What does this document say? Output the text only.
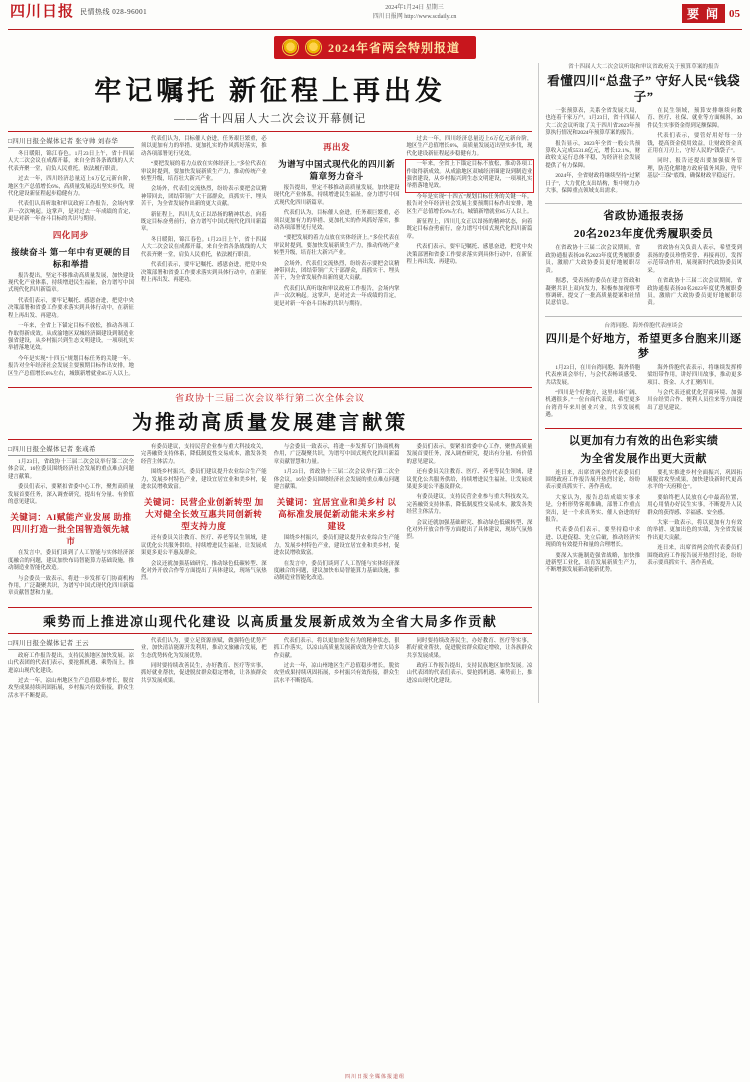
四川日报 民情热线 028-96001	2024年1月24日 星期三
四川日报网 http://www.scdaily.cn	要 闻 05
2024年省两会特别报道
牢记嘱托 新征程上再出发
——省十四届人大二次会议开幕侧记
□四川日报全媒体记者 张守帅 刘春华

冬日暖阳，锦江春色。1月23日上午，省十四届人大二次会议在成都开幕，来自全省各条战线的人大代表齐聚一堂，肩负人民重托，依法履行职责。

过去一年，四川经济总量迈上6万亿元新台阶，地区生产总值增长6%，高质量发展迈出坚实步伐，现代化建设新征程起步稳健有力。

代表们认真听取和审议政府工作报告，会场内掌声一次次响起。这掌声，是对过去一年成绩的肯定，更是对新一年奋斗目标的共识与期待。

四化同步
接续奋斗 第一年中有更硬的目标和举措

报告提出，坚定不移推动高质量发展，加快建设现代化产业体系，持续增进民生福祉，奋力谱写中国式现代化四川新篇章。

代表们表示，要牢记嘱托、感恩奋进，把党中央决策部署和省委工作要求落实到具体行动中，在新征程上再出发、再建功。

一年来，全省上下锚定目标不放松，推动各项工作取得新成效。从成渝地区双城经济圈建设到制造业强省建设，从乡村振兴到生态文明建设，一项项扎实举措落地见效。

今年是实现“十四五”规划目标任务的关键一年。报告对全年经济社会发展主要预期目标作出安排，地区生产总值增长6%左右，城镇新增就业85万人以上。

代表们认为，目标催人奋进，任务艰巨繁重，必须以更加有力的举措、更加扎实的作风抓好落实，推动各项部署见行见效。

“要把发展的着力点放在实体经济上。”多位代表在审议时提到，要加快发展新质生产力，推动传统产业转型升级，培育壮大新兴产业。

会场外，代表们交流热烈，纷纷表示要把会议精神带回去，团结带领广大干部群众，真抓实干、埋头苦干，为全省发展作出新的更大贡献。

新征程上，四川儿女正以昂扬的精神状态，向着既定目标奋勇前行，奋力谱写中国式现代化四川新篇章。

冬日暖阳，锦江春色。1月23日上午，省十四届人大二次会议在成都开幕，来自全省各条战线的人大代表齐聚一堂，肩负人民重托，依法履行职责。

代表们表示，要牢记嘱托、感恩奋进，把党中央决策部署和省委工作要求落实到具体行动中，在新征程上再出发、再建功。

再出发
为谱写中国式现代化的四川新篇章努力奋斗

报告提出，坚定不移推动高质量发展，加快建设现代化产业体系，持续增进民生福祉，奋力谱写中国式现代化四川新篇章。

代表们认为，目标催人奋进，任务艰巨繁重，必须以更加有力的举措、更加扎实的作风抓好落实，推动各项部署见行见效。

“要把发展的着力点放在实体经济上。”多位代表在审议时提到，要加快发展新质生产力，推动传统产业转型升级，培育壮大新兴产业。

会场外，代表们交流热烈，纷纷表示要把会议精神带回去，团结带领广大干部群众，真抓实干、埋头苦干，为全省发展作出新的更大贡献。

代表们认真听取和审议政府工作报告，会场内掌声一次次响起。这掌声，是对过去一年成绩的肯定，更是对新一年奋斗目标的共识与期待。

过去一年，四川经济总量迈上6万亿元新台阶，地区生产总值增长6%，高质量发展迈出坚实步伐，现代化建设新征程起步稳健有力。

一年来，全省上下锚定目标不放松，推动各项工作取得新成效。从成渝地区双城经济圈建设到制造业强省建设，从乡村振兴到生态文明建设，一项项扎实举措落地见效。

今年是实现“十四五”规划目标任务的关键一年。报告对全年经济社会发展主要预期目标作出安排，地区生产总值增长6%左右，城镇新增就业85万人以上。

新征程上，四川儿女正以昂扬的精神状态，向着既定目标奋勇前行，奋力谱写中国式现代化四川新篇章。

代表们表示，要牢记嘱托、感恩奋进，把党中央决策部署和省委工作要求落实到具体行动中，在新征程上再出发、再建功。

省政协十三届二次会议举行第二次全体会议
为推动高质量发展建言献策
□四川日报全媒体记者 张彧希

1月23日，省政协十三届二次会议举行第二次全体会议，16位委员围绕经济社会发展的重点难点问题建言献策。

委员们表示，要紧扣省委中心工作，聚焦高质量发展首要任务，深入调查研究，提出有分量、有价值的意见建议。

关键词：AI赋能产业发展 助推四川打造一批全国智造领先城市

在发言中，委员们谈到了人工智能与实体经济深度融合的问题，建议加快布局智能算力基础设施，推动制造业智能化改造。

与会委员一致表示，将进一步发挥专门协商机构作用，广泛凝聚共识，为谱写中国式现代化四川新篇章贡献智慧和力量。

有委员建议，支持民营企业参与重大科技攻关，完善融资支持体系，降低制度性交易成本，激发各类经营主体活力。

围绕乡村振兴，委员们建议提升农业综合生产能力，发展乡村特色产业，建设宜居宜业和美乡村，促进农民增收致富。

关键词：民营企业创新转型 加大对健全长效互惠共同创新转型支持力度

还有委员关注教育、医疗、养老等民生领域，建议优化公共服务供给，持续增进民生福祉，让发展成果更多更公平惠及群众。

会议还就加强基础研究、推动绿色低碳转型、深化对外开放合作等方面提出了具体建议，现场气氛热烈。

与会委员一致表示，将进一步发挥专门协商机构作用，广泛凝聚共识，为谱写中国式现代化四川新篇章贡献智慧和力量。

1月23日，省政协十三届二次会议举行第二次全体会议，16位委员围绕经济社会发展的重点难点问题建言献策。

关键词：宜居宜业和美乡村 以高标准发展促新动能未来乡村建设

围绕乡村振兴，委员们建议提升农业综合生产能力，发展乡村特色产业，建设宜居宜业和美乡村，促进农民增收致富。

在发言中，委员们谈到了人工智能与实体经济深度融合的问题，建议加快布局智能算力基础设施，推动制造业智能化改造。

委员们表示，要紧扣省委中心工作，聚焦高质量发展首要任务，深入调查研究，提出有分量、有价值的意见建议。

还有委员关注教育、医疗、养老等民生领域，建议优化公共服务供给，持续增进民生福祉，让发展成果更多更公平惠及群众。

有委员建议，支持民营企业参与重大科技攻关，完善融资支持体系，降低制度性交易成本，激发各类经营主体活力。

会议还就加强基础研究、推动绿色低碳转型、深化对外开放合作等方面提出了具体建议，现场气氛热烈。

乘势而上推进凉山现代化建设 以高质量发展新成效为全省大局多作贡献
□四川日报全媒体记者 王云

政府工作报告提出，支持民族地区加快发展。凉山代表团的代表们表示，要抢抓机遇、乘势而上，推进凉山现代化建设。

过去一年，凉山州地区生产总值稳步增长，脱贫攻坚成果持续巩固拓展，乡村振兴有效衔接，群众生活水平不断提高。

代表们认为，要立足资源禀赋，做强特色优势产业，加快清洁能源开发利用，推动文旅融合发展，把生态优势转化为发展优势。

同时要持续改善民生，办好教育、医疗等实事，抓好就业帮扶，促进脱贫群众稳定增收，让各族群众共享发展成果。

代表们表示，将以更加奋发有为的精神状态，狠抓工作落实，以凉山高质量发展新成效为全省大局多作贡献。

过去一年，凉山州地区生产总值稳步增长，脱贫攻坚成果持续巩固拓展，乡村振兴有效衔接，群众生活水平不断提高。

同时要持续改善民生，办好教育、医疗等实事，抓好就业帮扶，促进脱贫群众稳定增收，让各族群众共享发展成果。

政府工作报告提出，支持民族地区加快发展。凉山代表团的代表们表示，要抢抓机遇、乘势而上，推进凉山现代化建设。

省十四届人大二次会议听取和审议省政府关于预算草案的报告
看懂四川“总盘子” 守好人民“钱袋子”

一张预算表，关系全省发展大局，也连着千家万户。1月23日，省十四届人大二次会议听取了关于四川省2023年预算执行情况和2024年预算草案的报告。

报告显示，2023年全省一般公共预算收入完成5531.8亿元，增长12.1%，财政收支运行总体平稳，为经济社会发展提供了有力保障。

2024年，全省财政将继续坚持“过紧日子”，大力优化支出结构，集中财力办大事，保障重点领域支出需求。

在民生领域，预算安排继续向教育、医疗、社保、就业等方面倾斜，30件民生实事资金得到足额保障。

代表们表示，要管好用好每一分钱，提高资金使用效益，让财政资金真正用在刀刃上，守好人民的“钱袋子”。

同时，报告还提出要加强债务管理，防范化解地方政府债务风险，兜牢基层“三保”底线，确保财政平稳运行。

省政协通报表扬
20名2023年度优秀履职委员

在省政协十三届二次会议期间，省政协通报表扬20名2023年度优秀履职委员，激励广大政协委员更好地履职尽责。

据悉，受表扬的委员在建言资政和凝聚共识上双向发力，积极参加视察考察调研，提交了一批高质量提案和社情民意信息。

省政协有关负责人表示，希望受到表扬的委员珍惜荣誉、再接再厉，发挥示范带动作用，展现新时代政协委员风采。

在省政协十三届二次会议期间，省政协通报表扬20名2023年度优秀履职委员，激励广大政协委员更好地履职尽责。

台湾同胞、海外侨胞代表座谈会
四川是个好地方，希望更多台胞来川逐梦

1月23日，在川台湾同胞、海外侨胞代表座谈会举行，与会代表畅谈感受、共话发展。

“四川是个好地方，这里市场广阔、机遇很多。”一位台商代表说，希望更多台湾青年来川创业兴业，共享发展机遇。

海外侨胞代表表示，将继续发挥桥梁纽带作用，讲好四川故事，推动更多项目、资金、人才汇聚四川。

与会代表还就优化营商环境、加强川台经贸合作、便利人员往来等方面提出了意见建议。

以更加有力有效的出色彩实绩
为全省发展作出更大贡献

连日来，出席省两会的代表委员们围绕政府工作报告展开热烈讨论，纷纷表示要真抓实干、善作善成。

大家认为，报告总结成绩实事求是，分析形势客观准确，部署工作重点突出，是一个求真务实、催人奋进的好报告。

代表委员们表示，要坚持稳中求进、以进促稳、先立后破，推动经济实现质的有效提升和量的合理增长。

要深入实施制造强省战略，加快推进新型工业化，培育发展新质生产力，不断增强发展新动能新优势。

要扎实推进乡村全面振兴，巩固拓展脱贫攻坚成果，加快建设新时代更高水平的“天府粮仓”。

要始终把人民放在心中最高位置，用心用情办好民生实事，不断提升人民群众的获得感、幸福感、安全感。

大家一致表示，将以更加有力有效的举措、更加出色的实绩，为全省发展作出更大贡献。

连日来，出席省两会的代表委员们围绕政府工作报告展开热烈讨论，纷纷表示要真抓实干、善作善成。

四川日报全媒体报道组
